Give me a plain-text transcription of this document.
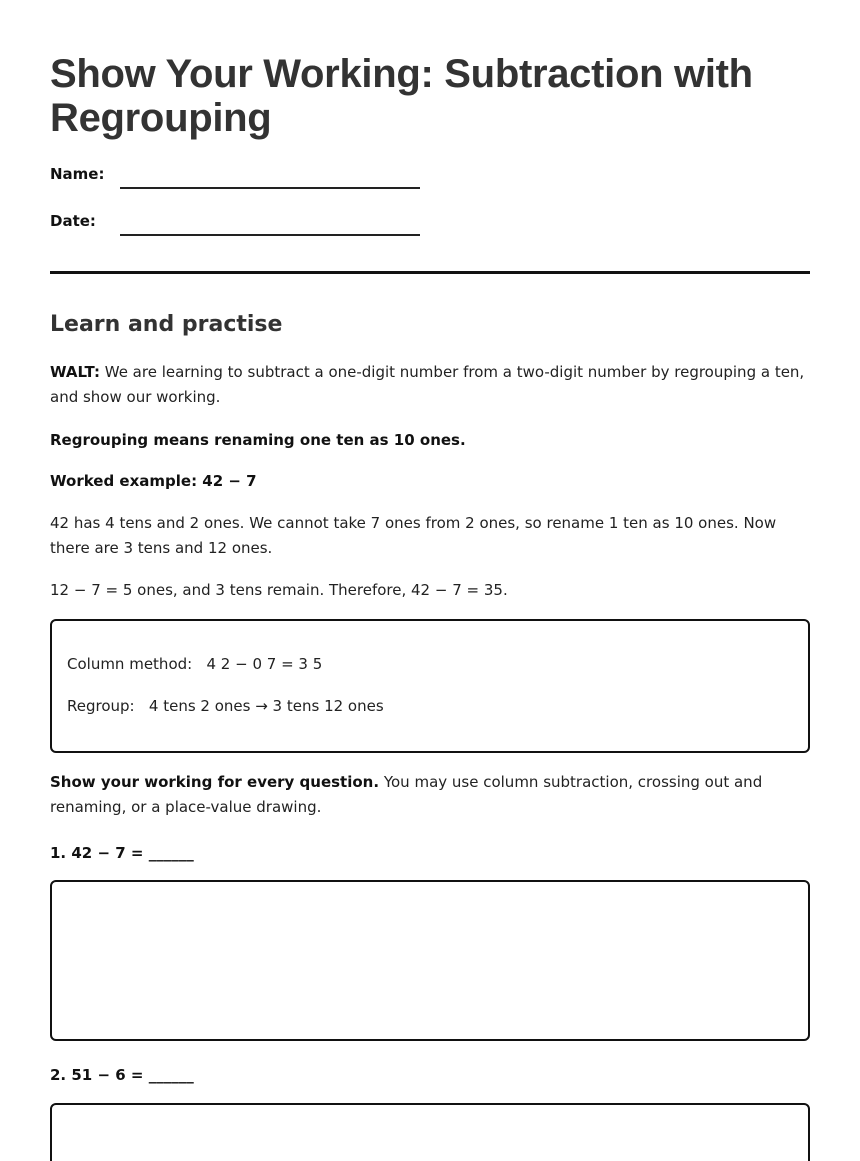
Show Your Working: Subtraction with Regrouping
Name:
Date:
Learn and practise

WALT: We are learning to subtract a one-digit number from a two-digit number by regrouping a ten, and show our working.

Regrouping means renaming one ten as 10 ones.

Worked example: 42 − 7

42 has 4 tens and 2 ones. We cannot take 7 ones from 2 ones, so rename 1 ten as 10 ones. Now there are 3 tens and 12 ones.

12 − 7 = 5 ones, and 3 tens remain. Therefore, 42 − 7 = 35.

Column method:   4 2 − 0 7 = 3 5
Regroup:   4 tens 2 ones → 3 tens 12 ones

Show your working for every question. You may use column subtraction, crossing out and renaming, or a place-value drawing.

1. 42 − 7 = ______
2. 51 − 6 = ______
